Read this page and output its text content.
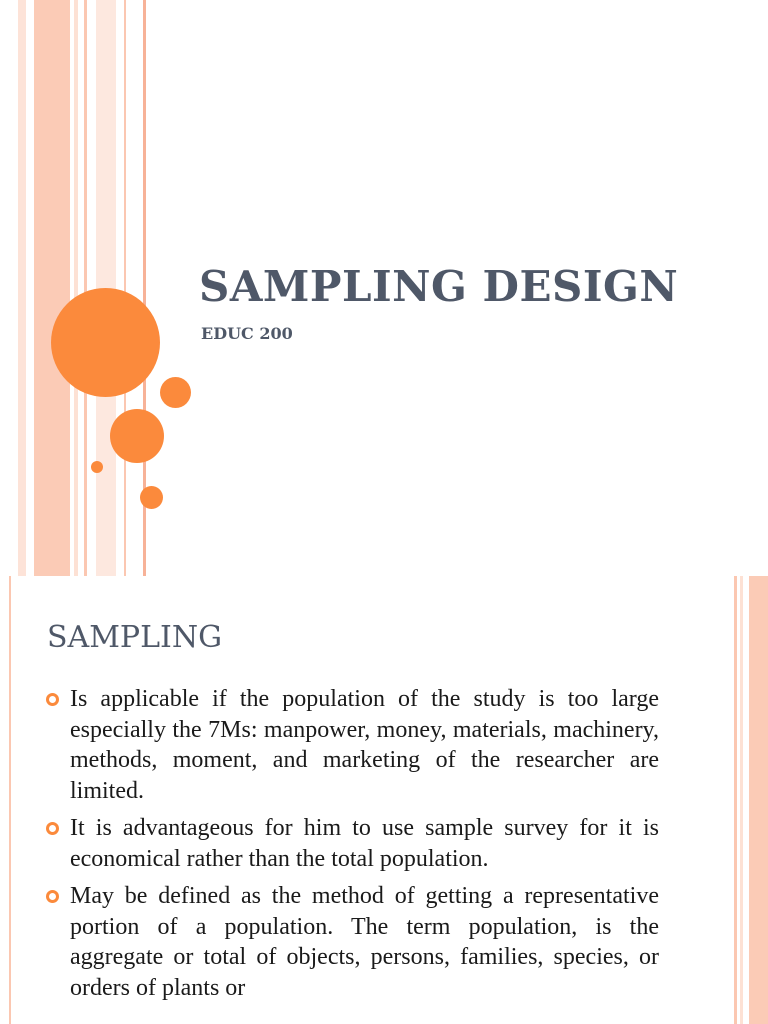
SAMPLING DESIGN
EDUC 200
SAMPLING
Is applicable if the population of the study is too large especially the 7Ms: manpower, money, materials, machinery, methods, moment, and marketing of the researcher are limited.
It is advantageous for him to use sample survey for it is economical rather than the total population.
May be defined as the method of getting a representative portion of a population. The term population, is the aggregate or total of objects, persons, families, species, or orders of plants or
